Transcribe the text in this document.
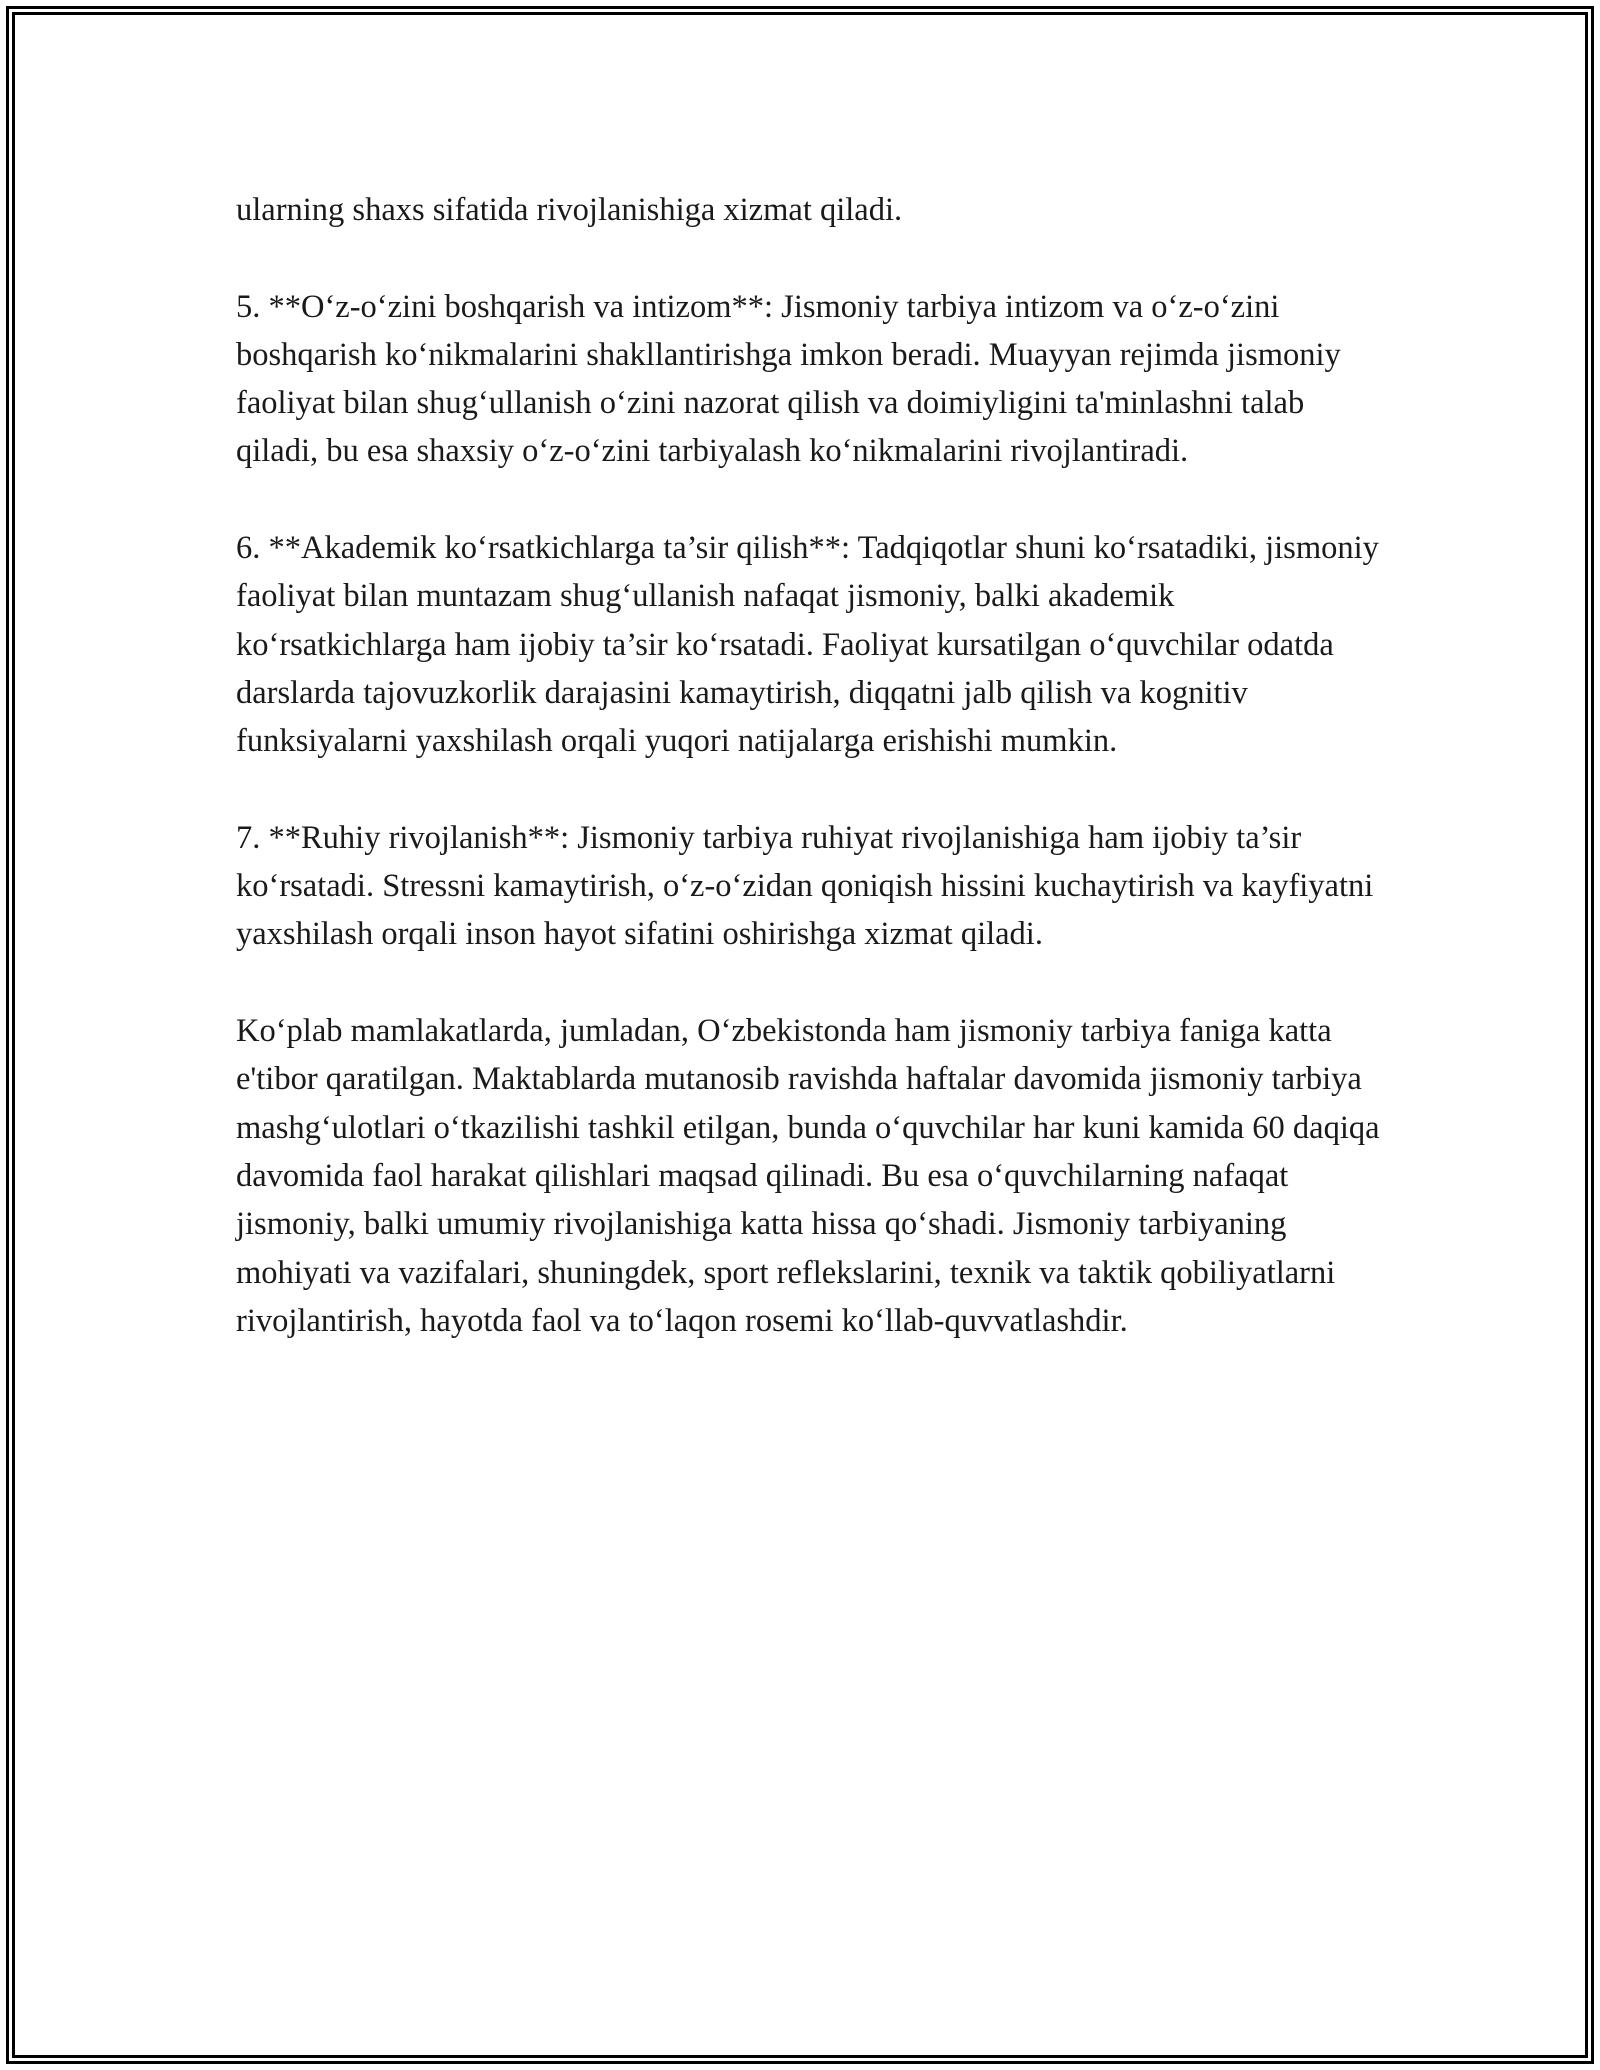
ularning shaxs sifatida rivojlanishiga xizmat qiladi.

5. **O‘z-o‘zini boshqarish va intizom**: Jismoniy tarbiya intizom va o‘z-o‘zini boshqarish ko‘nikmalarini shakllantirishga imkon beradi. Muayyan rejimda jismoniy faoliyat bilan shug‘ullanish o‘zini nazorat qilish va doimiyligini ta'minlashni talab qiladi, bu esa shaxsiy o‘z-o‘zini tarbiyalash ko‘nikmalarini rivojlantiradi.

6. **Akademik ko‘rsatkichlarga ta’sir qilish**: Tadqiqotlar shuni ko‘rsatadiki, jismoniy faoliyat bilan muntazam shug‘ullanish nafaqat jismoniy, balki akademik ko‘rsatkichlarga ham ijobiy ta’sir ko‘rsatadi. Faoliyat kursatilgan o‘quvchilar odatda darslarda tajovuzkorlik darajasini kamaytirish, diqqatni jalb qilish va kognitiv funksiyalarni yaxshilash orqali yuqori natijalarga erishishi mumkin.

7. **Ruhiy rivojlanish**: Jismoniy tarbiya ruhiyat rivojlanishiga ham ijobiy ta’sir ko‘rsatadi. Stressni kamaytirish, o‘z-o‘zidan qoniqish hissini kuchaytirish va kayfiyatni yaxshilash orqali inson hayot sifatini oshirishga xizmat qiladi.

Ko‘plab mamlakatlarda, jumladan, O‘zbekistonda ham jismoniy tarbiya faniga katta e'tibor qaratilgan. Maktablarda mutanosib ravishda haftalar davomida jismoniy tarbiya mashg‘ulotlari o‘tkazilishi tashkil etilgan, bunda o‘quvchilar har kuni kamida 60 daqiqa davomida faol harakat qilishlari maqsad qilinadi. Bu esa o‘quvchilarning nafaqat jismoniy, balki umumiy rivojlanishiga katta hissa qo‘shadi. Jismoniy tarbiyaning mohiyati va vazifalari, shuningdek, sport reflekslarini, texnik va taktik qobiliyatlarni rivojlantirish, hayotda faol va to‘laqon rosemi ko‘llab-quvvatlashdir.
